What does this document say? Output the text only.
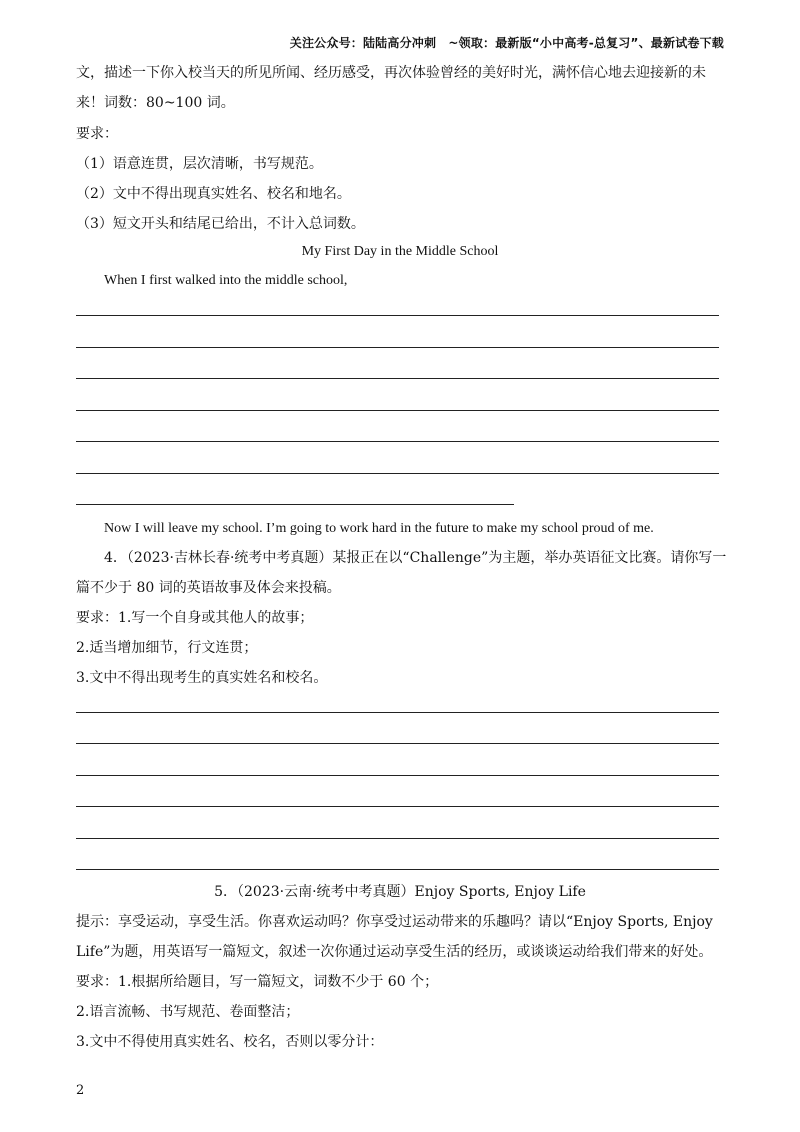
关注公众号：陆陆高分冲刺　~领取：最新版“小中高考-总复习”、最新试卷下载
文，描述一下你入校当天的所见所闻、经历感受，再次体验曾经的美好时光，满怀信心地去迎接新的未
来！词数：80~100 词。
要求：
（1）语意连贯，层次清晰，书写规范。
（2）文中不得出现真实姓名、校名和地名。
（3）短文开头和结尾已给出，不计入总词数。
My First Day in the Middle School
When I first walked into the middle school,
Now I will leave my school. I’m going to work hard in the future to make my school proud of me.
4．（2023·吉林长春·统考中考真题）某报正在以“Challenge”为主题，举办英语征文比赛。请你写一
篇不少于 80 词的英语故事及体会来投稿。
要求：1.写一个自身或其他人的故事；
2.适当增加细节，行文连贯；
3.文中不得出现考生的真实姓名和校名。
5．（2023·云南·统考中考真题）Enjoy Sports, Enjoy Life
提示：享受运动，享受生活。你喜欢运动吗？你享受过运动带来的乐趣吗？请以“Enjoy Sports, Enjoy
Life”为题，用英语写一篇短文，叙述一次你通过运动享受生活的经历，或谈谈运动给我们带来的好处。
要求：1.根据所给题目，写一篇短文，词数不少于 60 个；
2.语言流畅、书写规范、卷面整洁；
3.文中不得使用真实姓名、校名，否则以零分计：
2
